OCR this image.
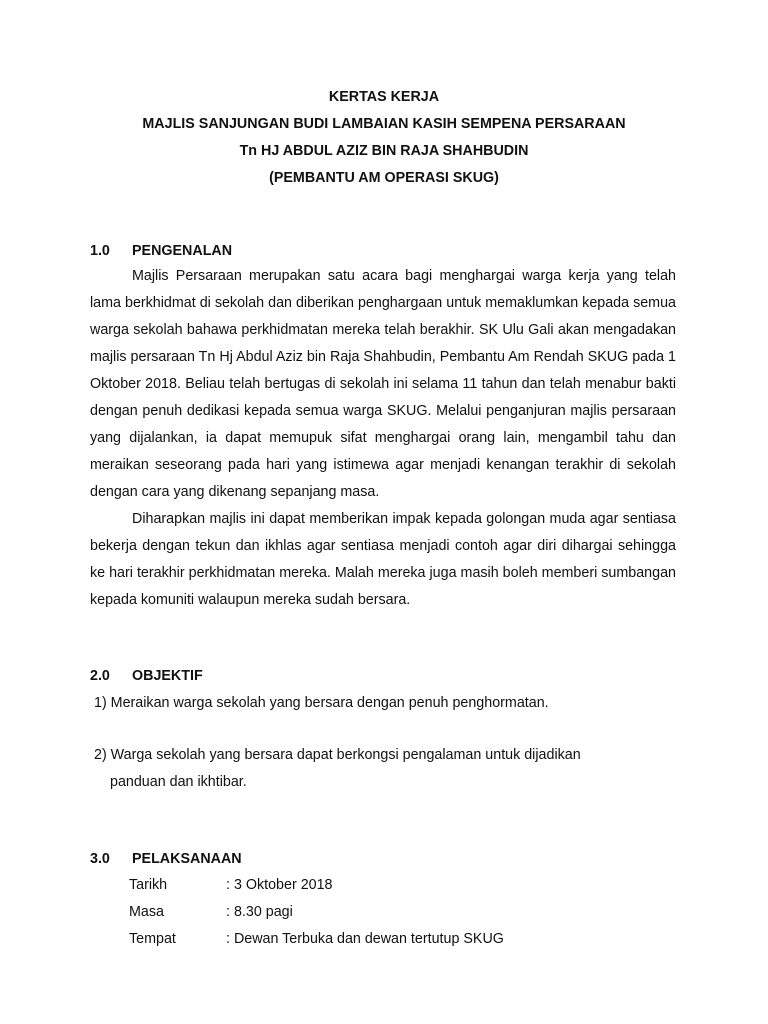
KERTAS KERJA
MAJLIS SANJUNGAN BUDI LAMBAIAN KASIH SEMPENA PERSARAAN
Tn HJ ABDUL AZIZ BIN RAJA SHAHBUDIN
(PEMBANTU AM OPERASI SKUG)
1.0 PENGENALAN

Majlis Persaraan merupakan satu acara bagi menghargai warga kerja yang telah lama berkhidmat di sekolah dan diberikan penghargaan untuk memaklumkan kepada semua warga sekolah bahawa perkhidmatan mereka telah berakhir. SK Ulu Gali akan mengadakan majlis persaraan Tn Hj Abdul Aziz bin Raja Shahbudin, Pembantu Am Rendah SKUG pada 1 Oktober 2018. Beliau telah bertugas di sekolah ini selama 11 tahun dan telah menabur bakti dengan penuh dedikasi kepada semua warga SKUG. Melalui penganjuran majlis persaraan yang dijalankan, ia dapat memupuk sifat menghargai orang lain, mengambil tahu dan meraikan seseorang pada hari yang istimewa agar menjadi kenangan terakhir di sekolah dengan cara yang dikenang sepanjang masa.

Diharapkan majlis ini dapat memberikan impak kepada golongan muda agar sentiasa bekerja dengan tekun dan ikhlas agar sentiasa menjadi contoh agar diri dihargai sehingga ke hari terakhir perkhidmatan mereka. Malah mereka juga masih boleh memberi sumbangan kepada komuniti walaupun mereka sudah bersara.

2.0 OBJEKTIF
1) Meraikan warga sekolah yang bersara dengan penuh penghormatan.
2) Warga sekolah yang bersara dapat berkongsi pengalaman untuk dijadikan
panduan dan ikhtibar.
3.0 PELAKSANAAN
Tarikh	: 3 Oktober 2018
Masa	: 8.30 pagi
Tempat	: Dewan Terbuka dan dewan tertutup SKUG
